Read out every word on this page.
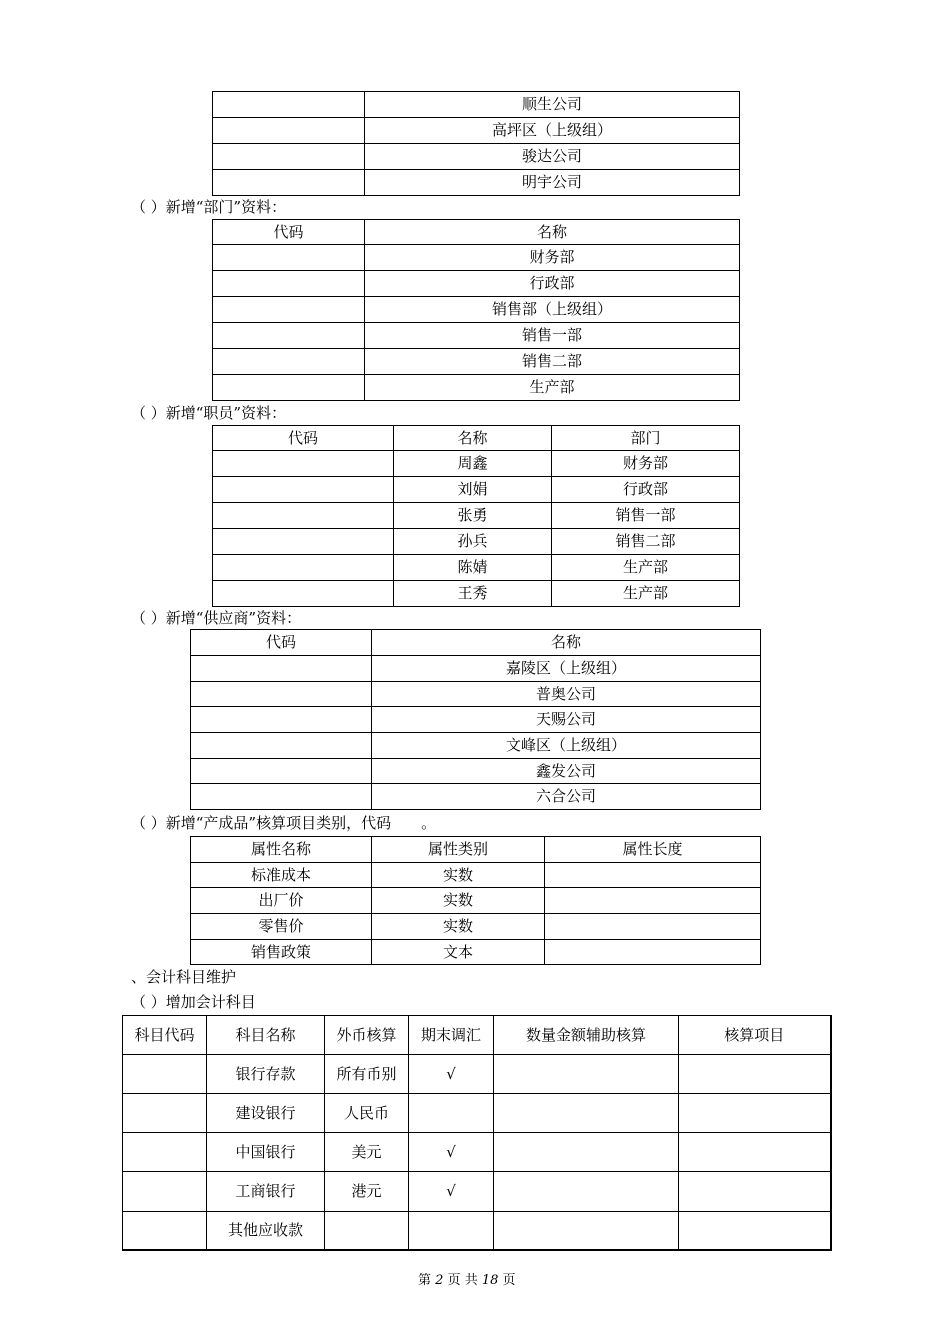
	顺生公司
	高坪区（上级组）
	骏达公司
	明宇公司
（ ）新增“部门”资料：
代码	名称
	财务部
	行政部
	销售部（上级组）
	销售一部
	销售二部
	生产部
（ ）新增“职员”资料：
代码	名称	部门
	周鑫	财务部
	刘娟	行政部
	张勇	销售一部
	孙兵	销售二部
	陈婧	生产部
	王秀	生产部
（ ）新增“供应商”资料：
代码	名称
	嘉陵区（上级组）
	普奥公司
	天赐公司
	文峰区（上级组）
	鑫发公司
	六合公司
（ ）新增“产成品”核算项目类别，代码 。
属性名称	属性类别	属性长度
标准成本	实数	
出厂价	实数	
零售价	实数	
销售政策	文本	
、会计科目维护
（ ）增加会计科目
科目代码	科目名称	外币核算	期末调汇	数量金额辅助核算	核算项目
	银行存款	所有币别	√		
	建设银行	人民币			
	中国银行	美元	√		
	工商银行	港元	√		
	其他应收款				
第 2 页 共 18 页
